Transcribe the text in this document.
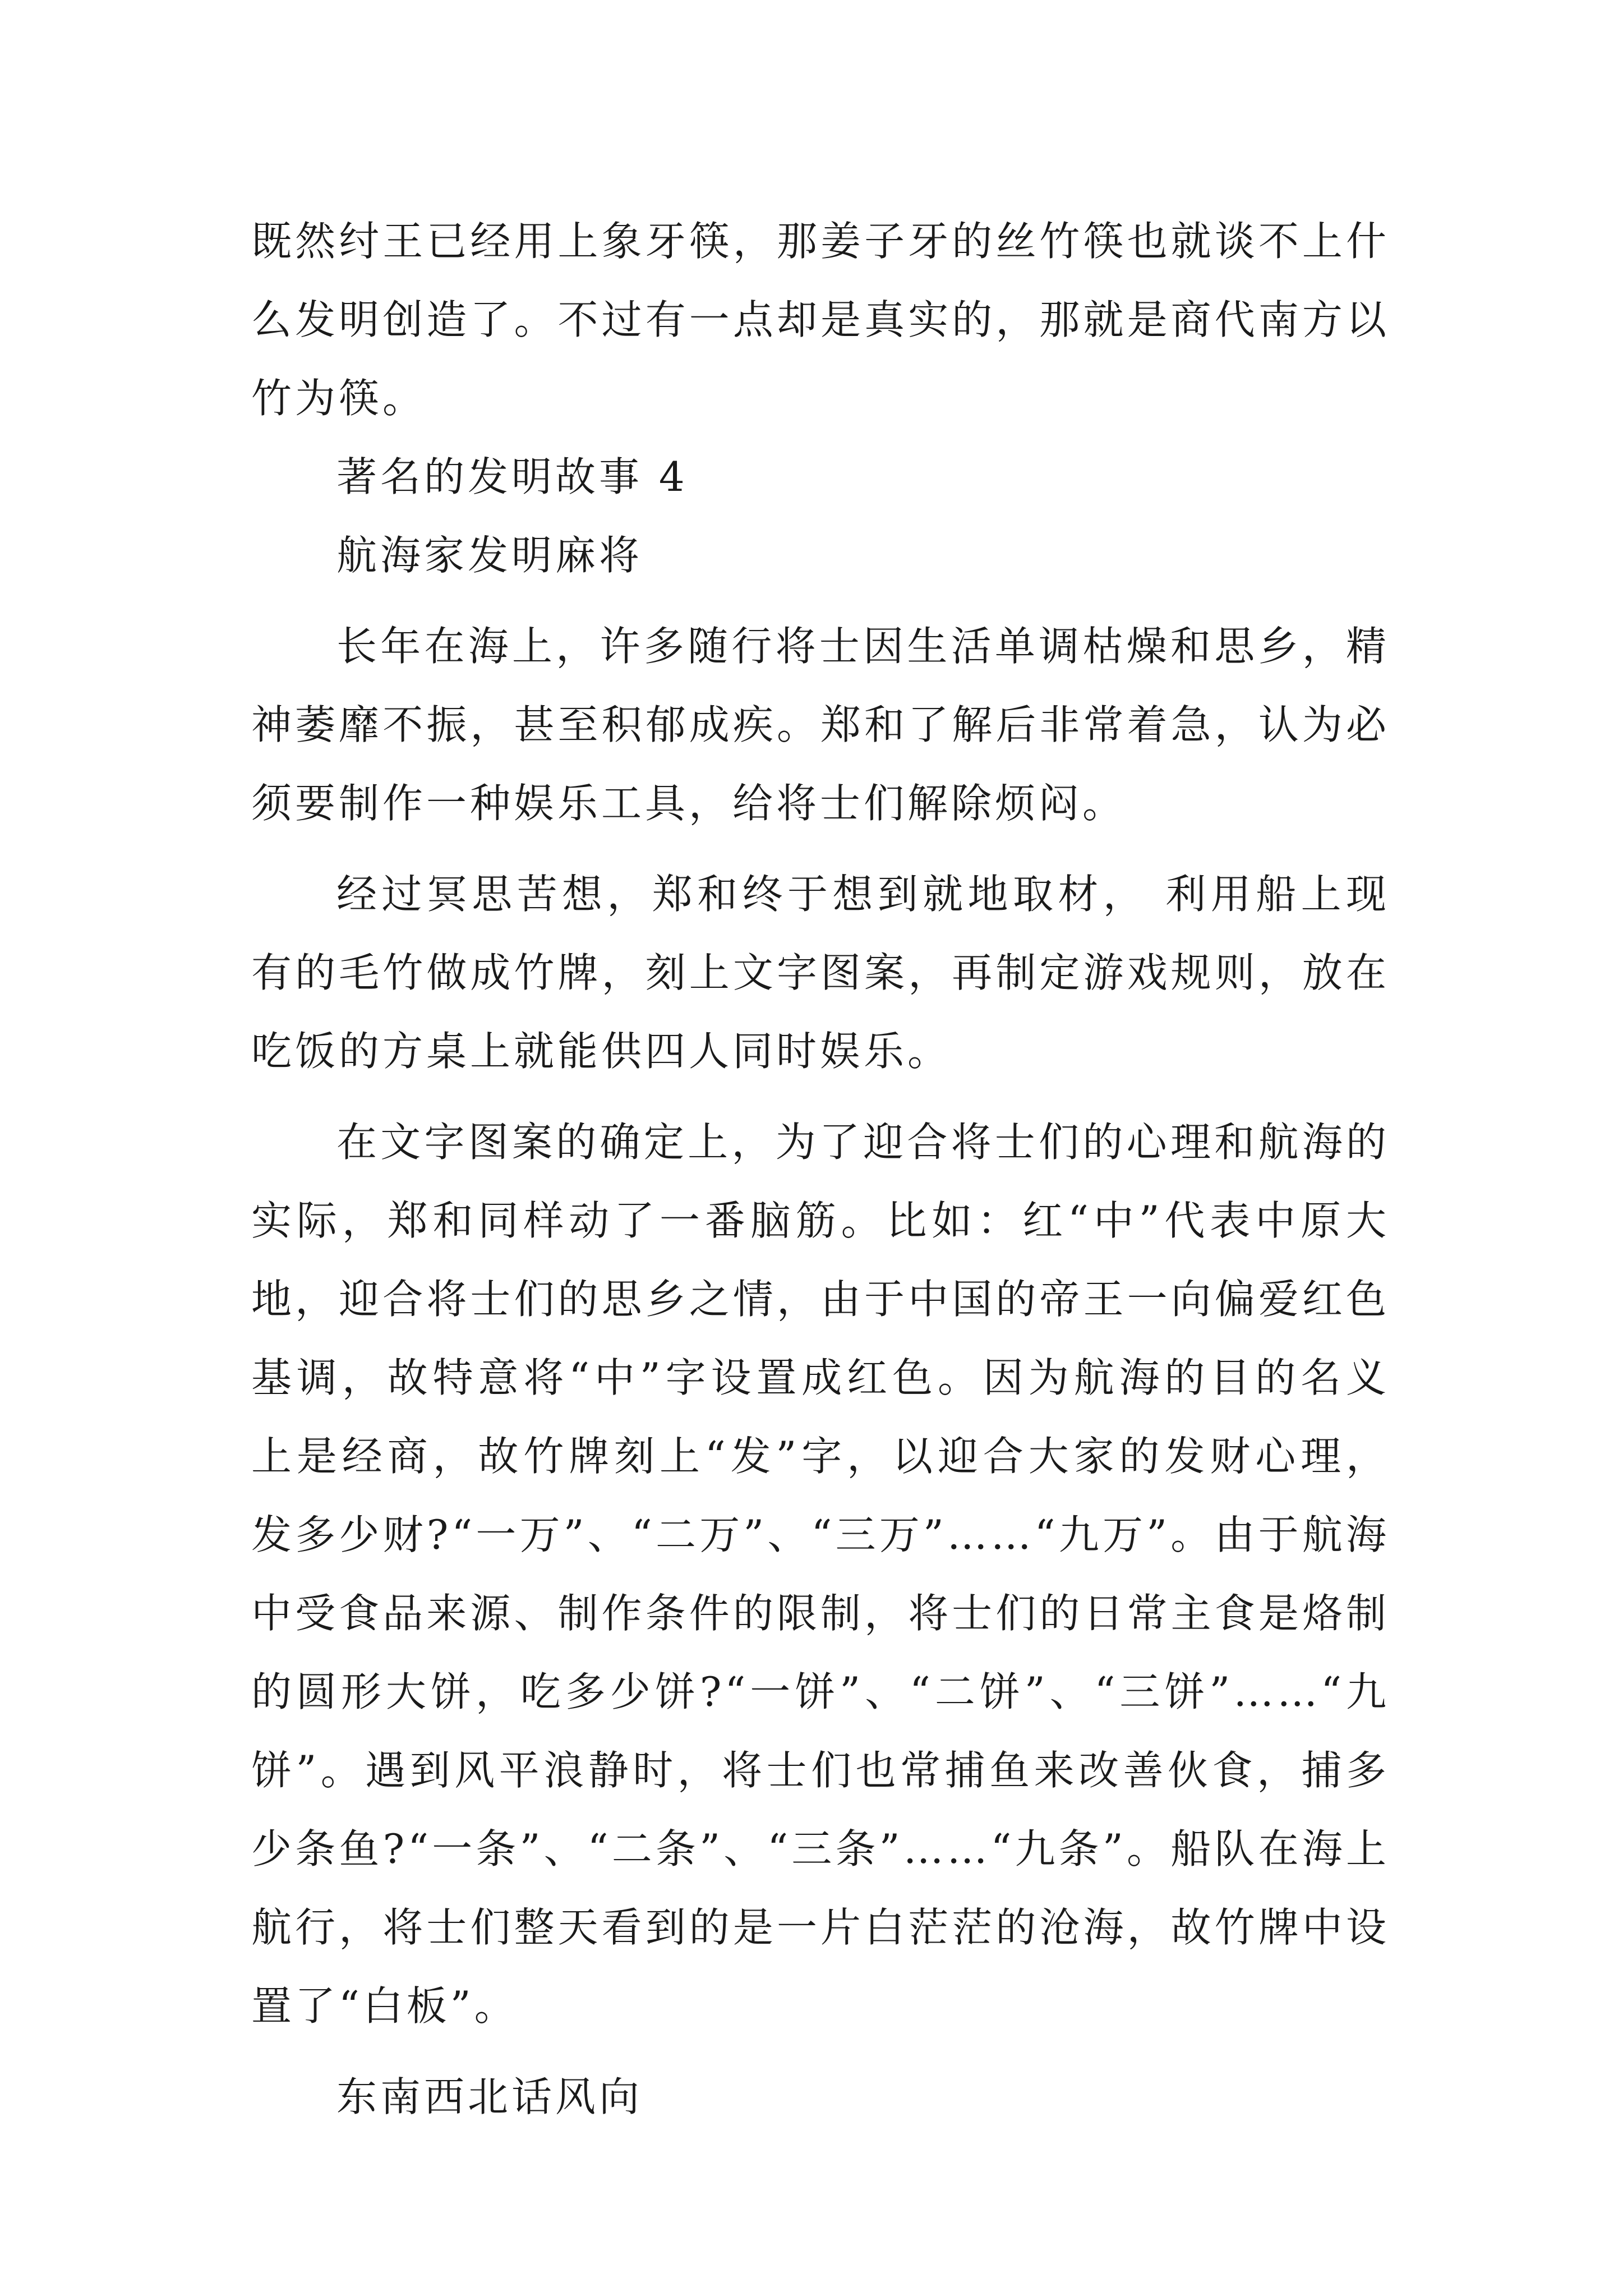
既然纣王已经用上象牙筷，那姜子牙的丝竹筷也就谈不上什么发明创造了。不过有一点却是真实的，那就是商代南方以竹为筷。

著名的发明故事 4

航海家发明麻将

长年在海上，许多随行将士因生活单调枯燥和思乡，精神萎靡不振，甚至积郁成疾。郑和了解后非常着急，认为必须要制作一种娱乐工具，给将士们解除烦闷。

经过冥思苦想，郑和终于想到就地取材， 利用船上现有的毛竹做成竹牌，刻上文字图案，再制定游戏规则，放在吃饭的方桌上就能供四人同时娱乐。

在文字图案的确定上，为了迎合将士们的心理和航海的实际，郑和同样动了一番脑筋。比如：红“中”代表中原大地，迎合将士们的思乡之情，由于中国的帝王一向偏爱红色基调，故特意将“中”字设置成红色。因为航海的目的名义上是经商，故竹牌刻上“发”字，以迎合大家的发财心理，发多少财?“一万”、“二万”、“三万”……“九万”。由于航海中受食品来源、制作条件的限制，将士们的日常主食是烙制的圆形大饼，吃多少饼?“一饼”、“二饼”、“三饼”……“九饼”。遇到风平浪静时，将士们也常捕鱼来改善伙食，捕多少条鱼?“一条”、“二条”、“三条”……“九条”。船队在海上航行，将士们整天看到的是一片白茫茫的沧海，故竹牌中设置了“白板”。

东南西北话风向
